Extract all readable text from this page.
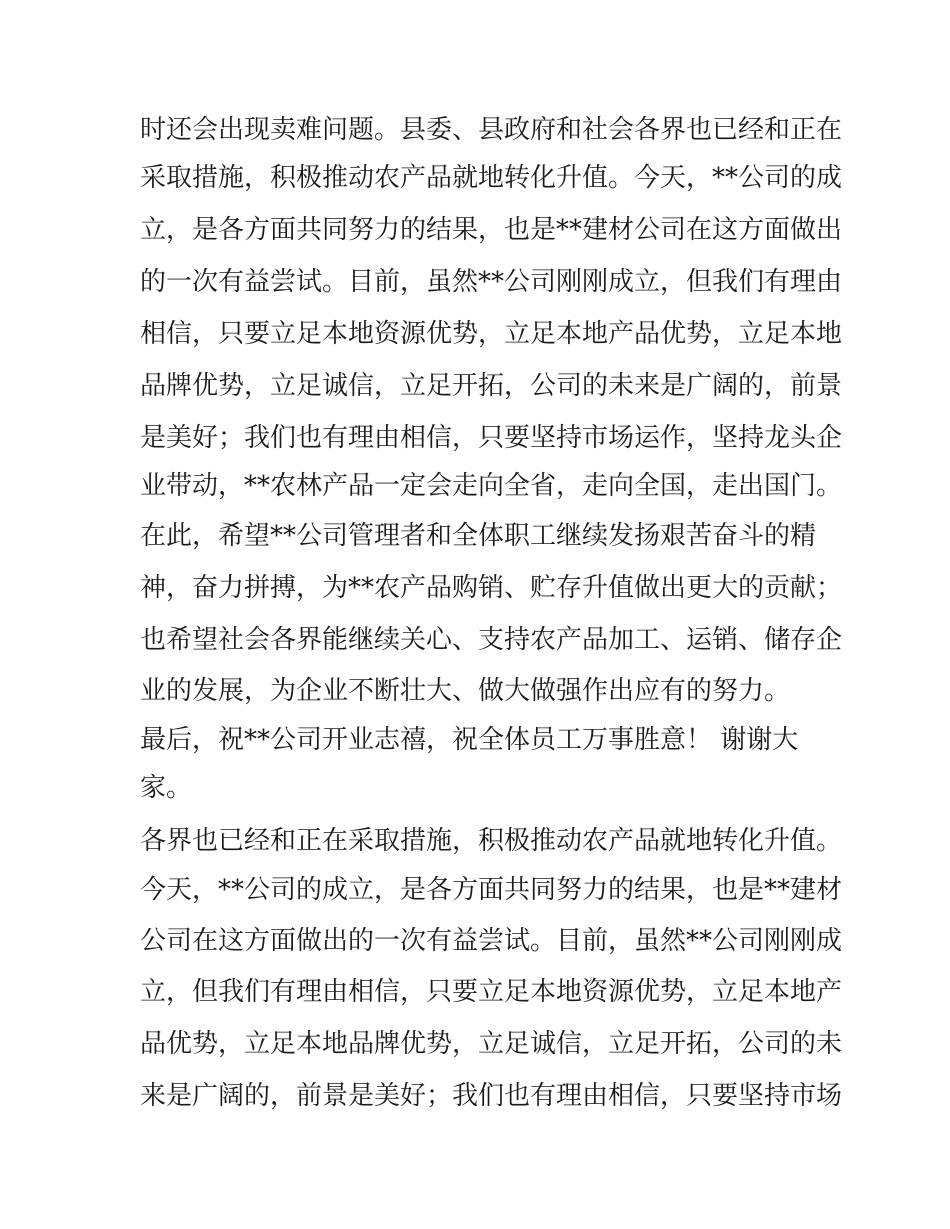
时还会出现卖难问题。县委、县政府和社会各界也已经和正在
采取措施，积极推动农产品就地转化升值。今天，**公司的成
立，是各方面共同努力的结果，也是**建材公司在这方面做出
的一次有益尝试。目前，虽然**公司刚刚成立，但我们有理由
相信，只要立足本地资源优势，立足本地产品优势，立足本地
品牌优势，立足诚信，立足开拓，公司的未来是广阔的，前景
是美好；我们也有理由相信，只要坚持市场运作，坚持龙头企
业带动，**农林产品一定会走向全省，走向全国，走出国门。
在此，希望**公司管理者和全体职工继续发扬艰苦奋斗的精
神，奋力拼搏，为**农产品购销、贮存升值做出更大的贡献；
也希望社会各界能继续关心、支持农产品加工、运销、储存企
业的发展，为企业不断壮大、做大做强作出应有的努力。
最后，祝**公司开业志禧，祝全体员工万事胜意！ 谢谢大
家。
各界也已经和正在采取措施，积极推动农产品就地转化升值。
今天，**公司的成立，是各方面共同努力的结果，也是**建材
公司在这方面做出的一次有益尝试。目前，虽然**公司刚刚成
立，但我们有理由相信，只要立足本地资源优势，立足本地产
品优势，立足本地品牌优势，立足诚信，立足开拓，公司的未
来是广阔的，前景是美好；我们也有理由相信，只要坚持市场
